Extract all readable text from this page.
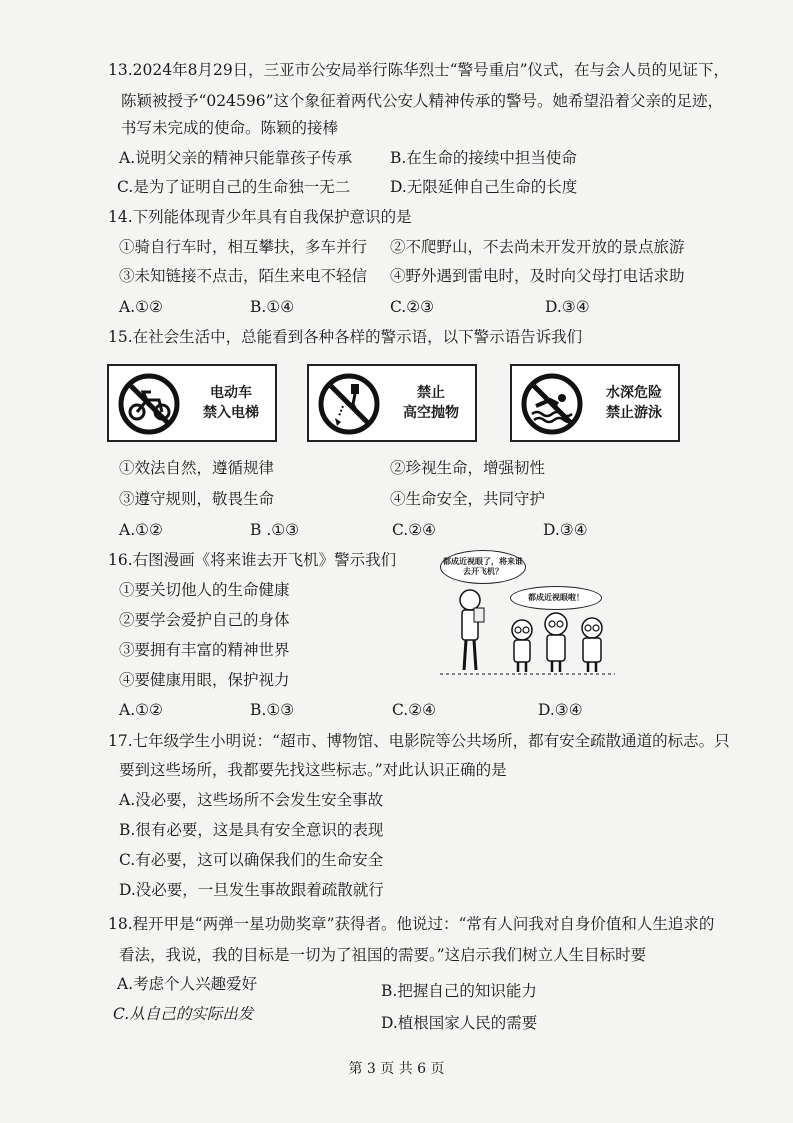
13.2024年8月29日，三亚市公安局举行陈华烈士“警号重启”仪式，在与会人员的见证下，
陈颖被授予“024596”这个象征着两代公安人精神传承的警号。她希望沿着父亲的足迹，
书写未完成的使命。陈颖的接棒
A.说明父亲的精神只能靠孩子传承 B.在生命的接续中担当使命
C.是为了证明自己的生命独一无二	D.无限延伸自己生命的长度
14.下列能体现青少年具有自我保护意识的是
①骑自行车时，相互攀扶，多车并行 ②不爬野山，不去尚未开发开放的景点旅游
③未知链接不点击，陌生来电不轻信 ④野外遇到雷电时，及时向父母打电话求助
A.①②	B.①④	C.②③	D.③④
15.在社会生活中，总能看到各种各样的警示语，以下警示语告诉我们
电动车
禁入电梯
禁止
高空抛物
水深危险
禁止游泳
①效法自然，遵循规律	②珍视生命，增强韧性
③遵守规则，敬畏生命	④生命安全，共同守护
A.①②	B .①③	C.②④	D.③④
16.右图漫画《将来谁去开飞机》警示我们
①要关切他人的生命健康
②要学会爱护自己的身体
③要拥有丰富的精神世界
④要健康用眼，保护视力
都成近视眼了，将来谁去开飞机？
都成近视眼啦！
A.①②	B.①③	C.②④	D.③④
17.七年级学生小明说：“超市、博物馆、电影院等公共场所，都有安全疏散通道的标志。只
要到这些场所，我都要先找这些标志。”对此认识正确的是
A.没必要，这些场所不会发生安全事故
B.很有必要，这是具有安全意识的表现
C.有必要，这可以确保我们的生命安全
D.没必要，一旦发生事故跟着疏散就行
18.程开甲是“两弹一星功勋奖章”获得者。他说过：“常有人问我对自身价值和人生追求的
看法，我说，我的目标是一切为了祖国的需要。”这启示我们树立人生目标时要
A.考虑个人兴趣爱好	B.把握自己的知识能力
C.从自己的实际出发	D.植根国家人民的需要
第 3 页 共 6 页
